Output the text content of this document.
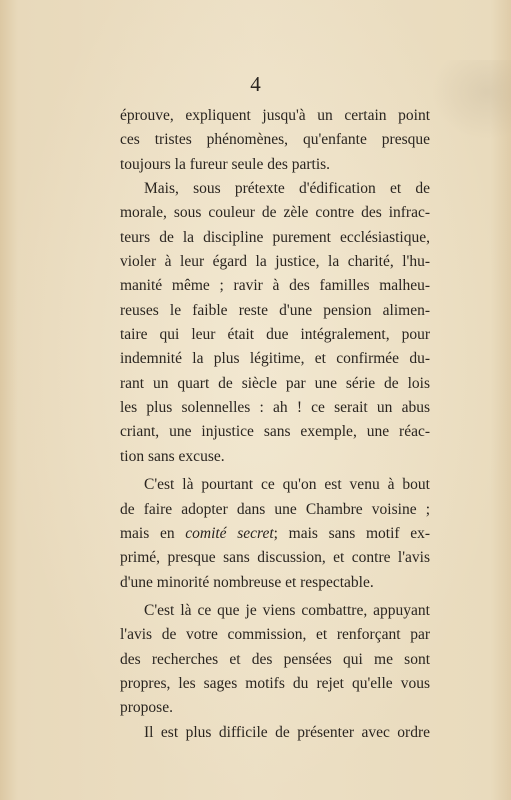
4

éprouve, expliquent jusqu'à un certain point
ces tristes phénomènes, qu'enfante presque
toujours la fureur seule des partis.

Mais, sous prétexte d'édification et de
morale, sous couleur de zèle contre des infrac-
teurs de la discipline purement ecclésiastique,
violer à leur égard la justice, la charité, l'hu-
manité même ; ravir à des familles malheu-
reuses le faible reste d'une pension alimen-
taire qui leur était due intégralement, pour
indemnité la plus légitime, et confirmée du-
rant un quart de siècle par une série de lois
les plus solennelles : ah ! ce serait un abus
criant, une injustice sans exemple, une réac-
tion sans excuse.

C'est là pourtant ce qu'on est venu à bout
de faire adopter dans une Chambre voisine ;
mais en comité secret; mais sans motif ex-
primé, presque sans discussion, et contre l'avis
d'une minorité nombreuse et respectable.

C'est là ce que je viens combattre, appuyant
l'avis de votre commission, et renforçant par
des recherches et des pensées qui me sont
propres, les sages motifs du rejet qu'elle vous
propose.

Il est plus difficile de présenter avec ordre
